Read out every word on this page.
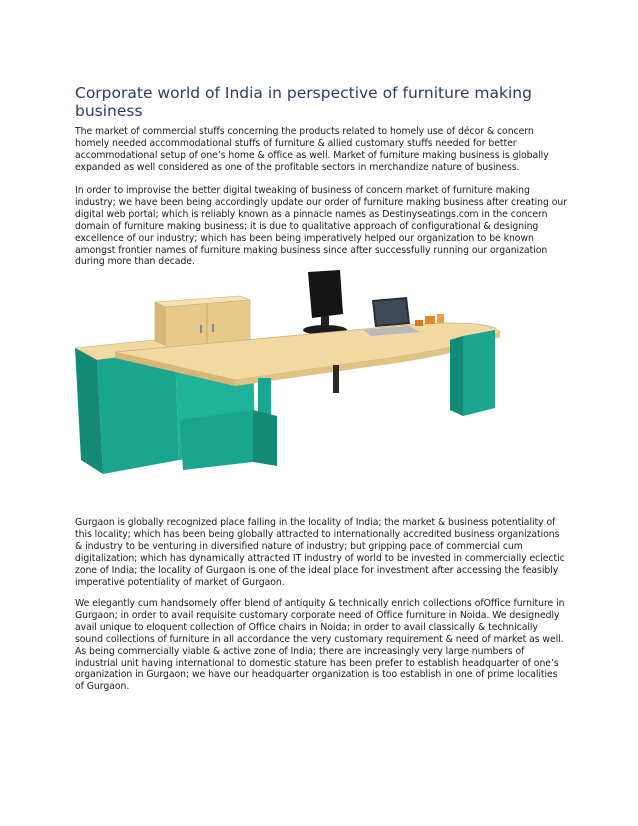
Corporate world of India in perspective of furniture making business

The market of commercial stuffs concerning the products related to homely use of décor & concern homely needed accommodational stuffs of furniture & allied customary stuffs needed for better accommodational setup of one’s home & office as well. Market of furniture making business is globally expanded as well considered as one of the profitable sectors in merchandize nature of business.

In order to improvise the better digital tweaking of business of concern market of furniture making industry; we have been being accordingly update our order of furniture making business after creating our digital web portal; which is reliably known as a pinnacle names as Destinyseatings.com in the concern domain of furniture making business; it is due to qualitative approach of configurational & designing excellence of our industry; which has been being imperatively helped our organization to be known amongst frontier names of furniture making business since after successfully running our organization during more than decade.

Gurgaon is globally recognized place falling in the locality of India; the market & business potentiality of this locality; which has been being globally attracted to internationally accredited business organizations & industry to be venturing in diversified nature of industry; but gripping pace of commercial cum digitalization; which has dynamically attracted IT industry of world to be invested in commercially eclectic zone of India; the locality of Gurgaon is one of the ideal place for investment after accessing the feasibly imperative potentiality of market of Gurgaon.

We elegantly cum handsomely offer blend of antiquity & technically enrich collections ofOffice furniture in Gurgaon; in order to avail requisite customary corporate need of Office furniture in Noida. We designedly avail unique to eloquent collection of Office chairs in Noida; in order to avail classically & technically sound collections of furniture in all accordance the very customary requirement & need of market as well. As being commercially viable & active zone of India; there are increasingly very large numbers of industrial unit having international to domestic stature has been prefer to establish headquarter of one’s organization in Gurgaon; we have our headquarter organization is too establish in one of prime localities of Gurgaon.
